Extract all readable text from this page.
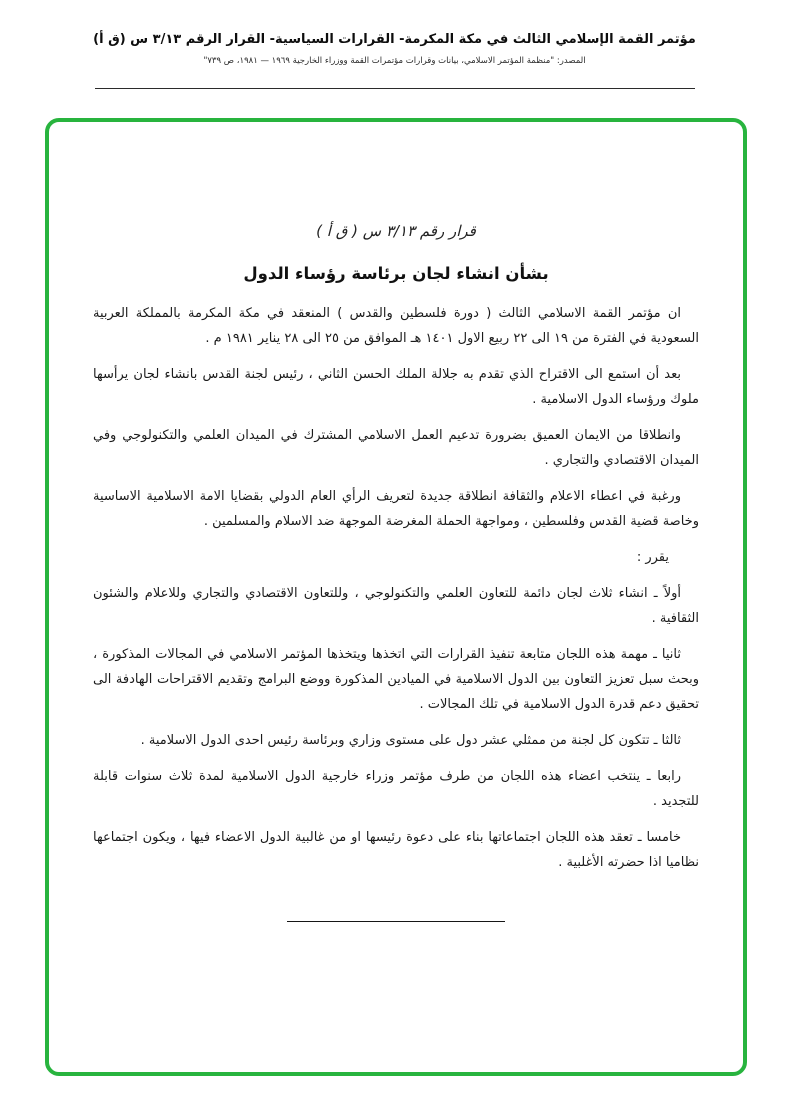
مؤتمر القمة الإسلامي الثالث في مكة المكرمة- القرارات السياسية- القرار الرقم ٣/١٣ س (ق أ)
المصدر: "منظمة المؤتمر الاسلامي، بيانات وقرارات مؤتمرات القمة ووزراء الخارجية ١٩٦٩ — ١٩٨١، ص ٧٣٩"
قرار رقم ٣/١٣ س ( ق أ )
بشأن انشاء لجان برئاسة رؤساء الدول

ان مؤتمر القمة الاسلامي الثالث ( دورة فلسطين والقدس ) المنعقد في مكة المكرمة بالمملكة العربية السعودية في الفترة من ١٩ الى ٢٢ ربيع الاول ١٤٠١ هـ الموافق من ٢٥ الى ٢٨ يناير ١٩٨١ م .

بعد أن استمع الى الاقتراح الذي تقدم به جلالة الملك الحسن الثاني ، رئيس لجنة القدس بانشاء لجان يرأسها ملوك ورؤساء الدول الاسلامية .

وانطلاقا من الايمان العميق بضرورة تدعيم العمل الاسلامي المشترك في الميدان العلمي والتكنولوجي وفي الميدان الاقتصادي والتجاري .

ورغبة في اعطاء الاعلام والثقافة انطلاقة جديدة لتعريف الرأي العام الدولي بقضايا الامة الاسلامية الاساسية وخاصة قضية القدس وفلسطين ، ومواجهة الحملة المغرضة الموجهة ضد الاسلام والمسلمين .

يقرر :

أولاً ـ انشاء ثلاث لجان دائمة للتعاون العلمي والتكنولوجي ، وللتعاون الاقتصادي والتجاري وللاعلام والشئون الثقافية .

ثانيا ـ مهمة هذه اللجان متابعة تنفيذ القرارات التي اتخذها ويتخذها المؤتمر الاسلامي في المجالات المذكورة ، وبحث سبل تعزيز التعاون بين الدول الاسلامية في الميادين المذكورة ووضع البرامج وتقديم الاقتراحات الهادفة الى تحقيق دعم قدرة الدول الاسلامية في تلك المجالات .

ثالثا ـ تتكون كل لجنة من ممثلي عشر دول على مستوى وزاري وبرئاسة رئيس احدى الدول الاسلامية .

رابعا ـ ينتخب اعضاء هذه اللجان من طرف مؤتمر وزراء خارجية الدول الاسلامية لمدة ثلاث سنوات قابلة للتجديد .

خامسا ـ تعقد هذه اللجان اجتماعاتها بناء على دعوة رئيسها او من غالبية الدول الاعضاء فيها ، ويكون اجتماعها نظاميا اذا حضرته الأغلبية .
